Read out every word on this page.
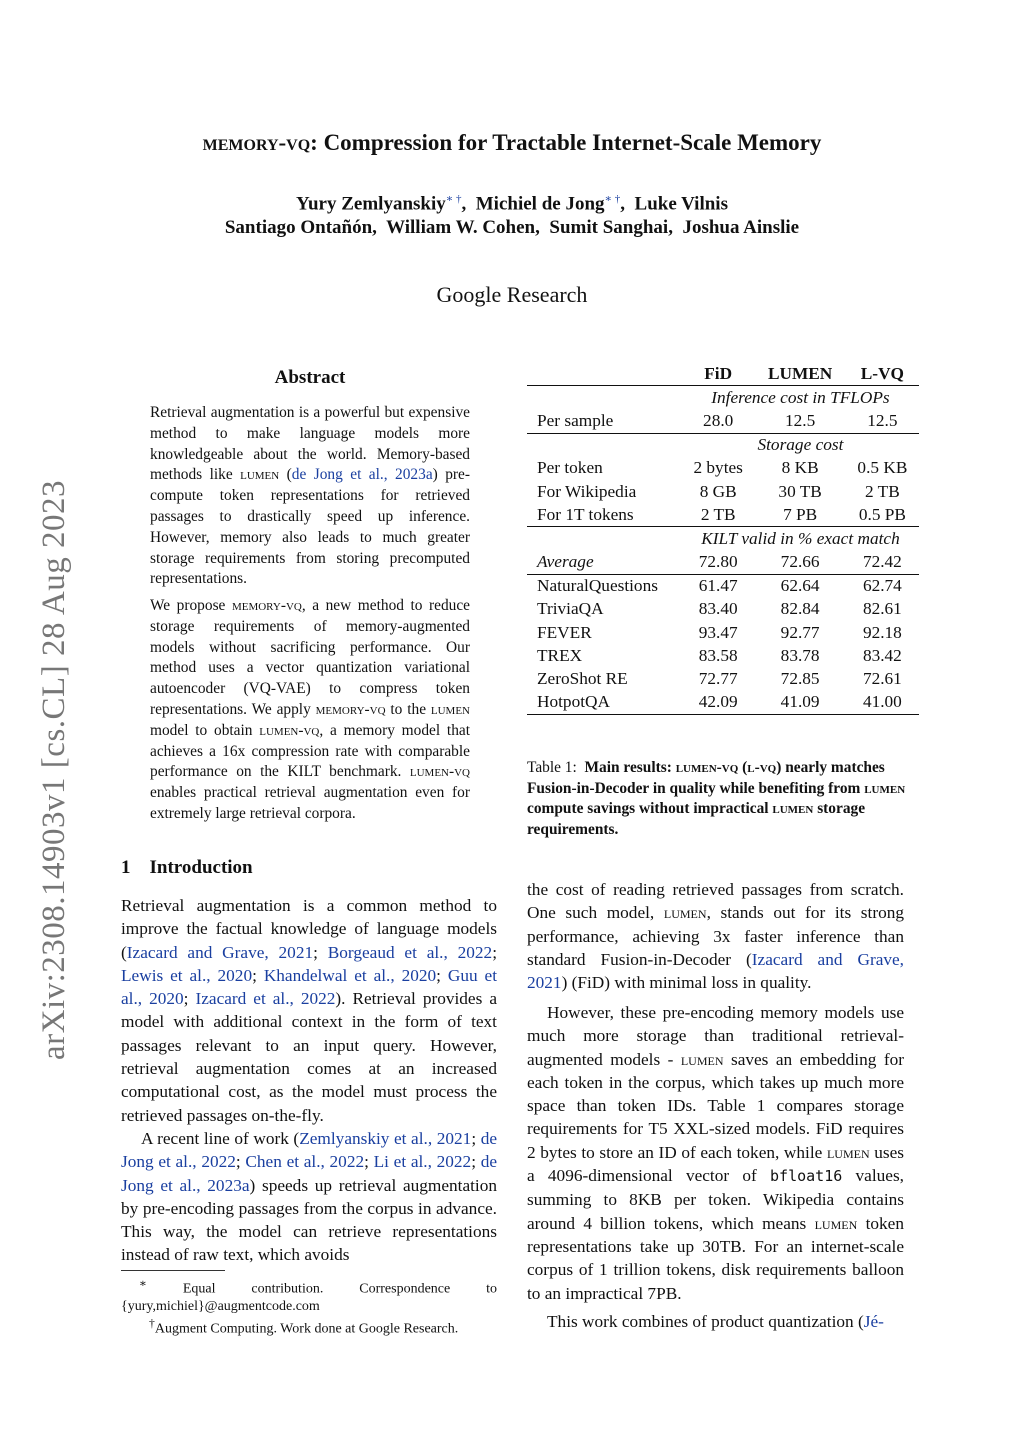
memory-vq: Compression for Tractable Internet-Scale Memory
Yury Zemlyanskiy∗ †,  Michiel de Jong∗ †,  Luke Vilnis
Santiago Ontañón,  William W. Cohen,  Sumit Sanghai,  Joshua Ainslie
Google Research
arXiv:2308.14903v1 [cs.CL] 28 Aug 2023
Abstract

Retrieval augmentation is a powerful but expensive method to make language models more knowledgeable about the world. Memory-based methods like lumen (de Jong et al., 2023a) pre-compute token representations for retrieved passages to drastically speed up inference. However, memory also leads to much greater storage requirements from storing precomputed representations.

We propose memory-vq, a new method to reduce storage requirements of memory-augmented models without sacrificing performance. Our method uses a vector quantization variational autoencoder (VQ-VAE) to compress token representations. We apply memory-vq to the lumen model to obtain lumen-vq, a memory model that achieves a 16x compression rate with comparable performance on the KILT benchmark. lumen-vq enables practical retrieval augmentation even for extremely large retrieval corpora.

1 Introduction

Retrieval augmentation is a common method to improve the factual knowledge of language models (Izacard and Grave, 2021; Borgeaud et al., 2022; Lewis et al., 2020; Khandelwal et al., 2020; Guu et al., 2020; Izacard et al., 2022). Retrieval provides a model with additional context in the form of text passages relevant to an input query. However, retrieval augmentation comes at an increased computational cost, as the model must process the retrieved passages on-the-fly.

A recent line of work (Zemlyanskiy et al., 2021; de Jong et al., 2022; Chen et al., 2022; Li et al., 2022; de Jong et al., 2023a) speeds up retrieval augmentation by pre-encoding passages from the corpus in advance. This way, the model can retrieve representations instead of raw text, which avoids

∗	Equal contribution. Correspondence to {yury,michiel}@augmentcode.com
†Augment Computing. Work done at Google Research.
	FiD	LUMEN	L-VQ
	Inference cost in TFLOPs		
Per sample	28.0	12.5	12.5
	Storage cost		
Per token	2 bytes	8 KB	0.5 KB
For Wikipedia	8 GB	30 TB	2 TB
For 1T tokens	2 TB	7 PB	0.5 PB
	KILT valid in % exact match		
Average	72.80	72.66	72.42
NaturalQuestions	61.47	62.64	62.74
TriviaQA	83.40	82.84	82.61
FEVER	93.47	92.77	92.18
TREX	83.58	83.78	83.42
ZeroShot RE	72.77	72.85	72.61
HotpotQA	42.09	41.09	41.00
Table 1: Main results: lumen-vq (l-vq) nearly matches Fusion-in-Decoder in quality while benefiting from lumen compute savings without impractical lumen storage requirements.

the cost of reading retrieved passages from scratch. One such model, lumen, stands out for its strong performance, achieving 3x faster inference than standard Fusion-in-Decoder (Izacard and Grave, 2021) (FiD) with minimal loss in quality.

However, these pre-encoding memory models use much more storage than traditional retrieval-augmented models - lumen saves an embedding for each token in the corpus, which takes up much more space than token IDs. Table 1 compares storage requirements for T5 XXL-sized models. FiD requires 2 bytes to store an ID of each token, while lumen uses a 4096-dimensional vector of bfloat16 values, summing to 8KB per token. Wikipedia contains around 4 billion tokens, which means lumen token representations take up 30TB. For an internet-scale corpus of 1 trillion tokens, disk requirements balloon to an impractical 7PB.

This work combines of product quantization (Jé-
